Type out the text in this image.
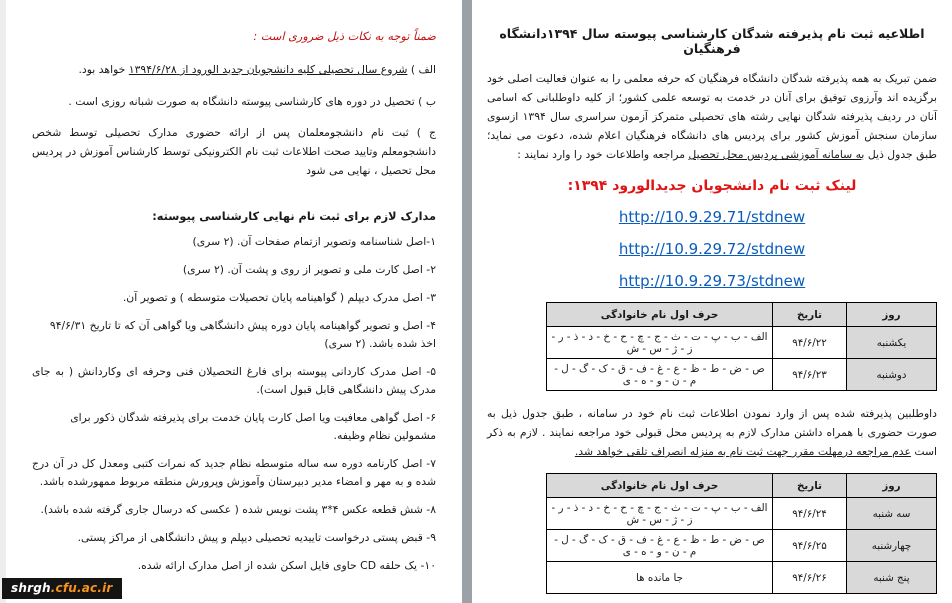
اطلاعیه ثبت نام پذیرفته شدگان کارشناسی پیوسته سال ۱۳۹۴دانشگاه فرهنگیان

ضمن تبریک به همه پذیرفته شدگان دانشگاه فرهنگیان که حرفه معلمی را به عنوان فعالیت اصلی خود برگزیده اند وآرزوی توفیق برای آنان در خدمت به توسعه علمی کشور؛ از کلیه داوطلبانی که اسامی آنان در ردیف پذیرفته شدگان نهایی رشته های تحصیلی متمرکز آزمون سراسری سال ۱۳۹۴ ازسوی سازمان سنجش آموزش کشور برای پردیس های دانشگاه فرهنگیان اعلام شده، دعوت می نماید؛ طبق جدول ذیل به سامانه آموزشی پردیس محل تحصیل مراجعه واطلاعات خود را وارد نمایند :

لینک ثبت نام دانشجویان جدیدالورود ۱۳۹۴:

http://10.9.29.71/stdnew

http://10.9.29.72/stdnew

http://10.9.29.73/stdnew

روز	تاریخ	حرف اول نام خانوادگی
یکشنبه	۹۴/۶/۲۲	الف - ب - پ - ت - ث - ج - چ - ح - خ - د - ذ - ر - ز - ژ - س - ش
دوشنبه	۹۴/۶/۲۳	ص - ض - ط - ظ - ع - غ - ف - ق - ک - گ - ل - م - ن - و - ه - ی

داوطلبین پذیرفته شده پس از وارد نمودن اطلاعات ثبت نام خود در سامانه ، طبق جدول ذیل به صورت حضوری با همراه داشتن مدارک لازم به پردیس محل قبولی خود مراجعه نمایند . لازم به ذکر است عدم مراجعه درمهلت مقرر جهت ثبت نام به منزله انصراف تلقی خواهد شد.

روز	تاریخ	حرف اول نام خانوادگی
سه شنبه	۹۴/۶/۲۴	الف - ب - پ - ت - ث - ج - چ - ح - خ - د - ذ - ر - ز - ژ - س - ش
چهارشنبه	۹۴/۶/۲۵	ص - ض - ط - ظ - ع - غ - ف - ق - ک - گ - ل - م - ن - و - ه - ی
پنج شنبه	۹۴/۶/۲۶	جا مانده ها

ضمناً توجه به نکات ذیل ضروری است :

الف ) شروع سال تحصیلی کلیه دانشجویان جدید الورود از ۱۳۹۴/۶/۲۸ خواهد بود.

ب ) تحصیل در دوره های کارشناسی پیوسته دانشگاه به صورت شبانه روزی است .

ج ) ثبت نام دانشجومعلمان پس از ارائه حضوری مدارک تحصیلی توسط شخص دانشجومعلم وتایید صحت اطلاعات ثبت نام الکترونیکی توسط کارشناس آموزش در پردیس محل تحصیل ، نهایی می شود

مدارک لازم برای ثبت نام نهایی کارشناسی پیوسته:

۱-اصل شناسنامه وتصویر ازتمام صفحات آن. (۲ سری)

۲- اصل کارت ملی و تصویر از روی و پشت آن. (۲ سری)

۳- اصل مدرک دیپلم ( گواهینامه پایان تحصیلات متوسطه ) و تصویر آن.

۴- اصل و تصویر گواهینامه پایان دوره پیش دانشگاهی ویا گواهی آن که تا تاریخ ۹۴/۶/۳۱ اخذ شده باشد. (۲ سری)

۵- اصل مدرک کاردانی پیوسته برای فارغ التحصیلان فنی وحرفه ای وکاردانش ( به جای مدرک پیش دانشگاهی قابل قبول است).

۶- اصل گواهی معافیت ویا اصل کارت پایان خدمت برای پذیرفته شدگان ذکور برای مشمولین نظام وظیفه.

۷- اصل کارنامه دوره سه ساله متوسطه نظام جدید که نمرات کتبی ومعدل کل در آن درج شده و به مهر و امضاء مدیر دبیرستان وآموزش وپرورش منطقه مربوط ممهورشده باشد.

۸- شش قطعه عکس ۴*۳ پشت نویس شده ( عکسی که درسال جاری گرفته شده باشد).

۹- قبض پستی درخواست تاییدیه تحصیلی دیپلم و پیش دانشگاهی از مراکز پستی.

۱۰- یک حلقه CD حاوی فایل اسکن شده از اصل مدارک ارائه شده.

shrgh.cfu.ac.ir
